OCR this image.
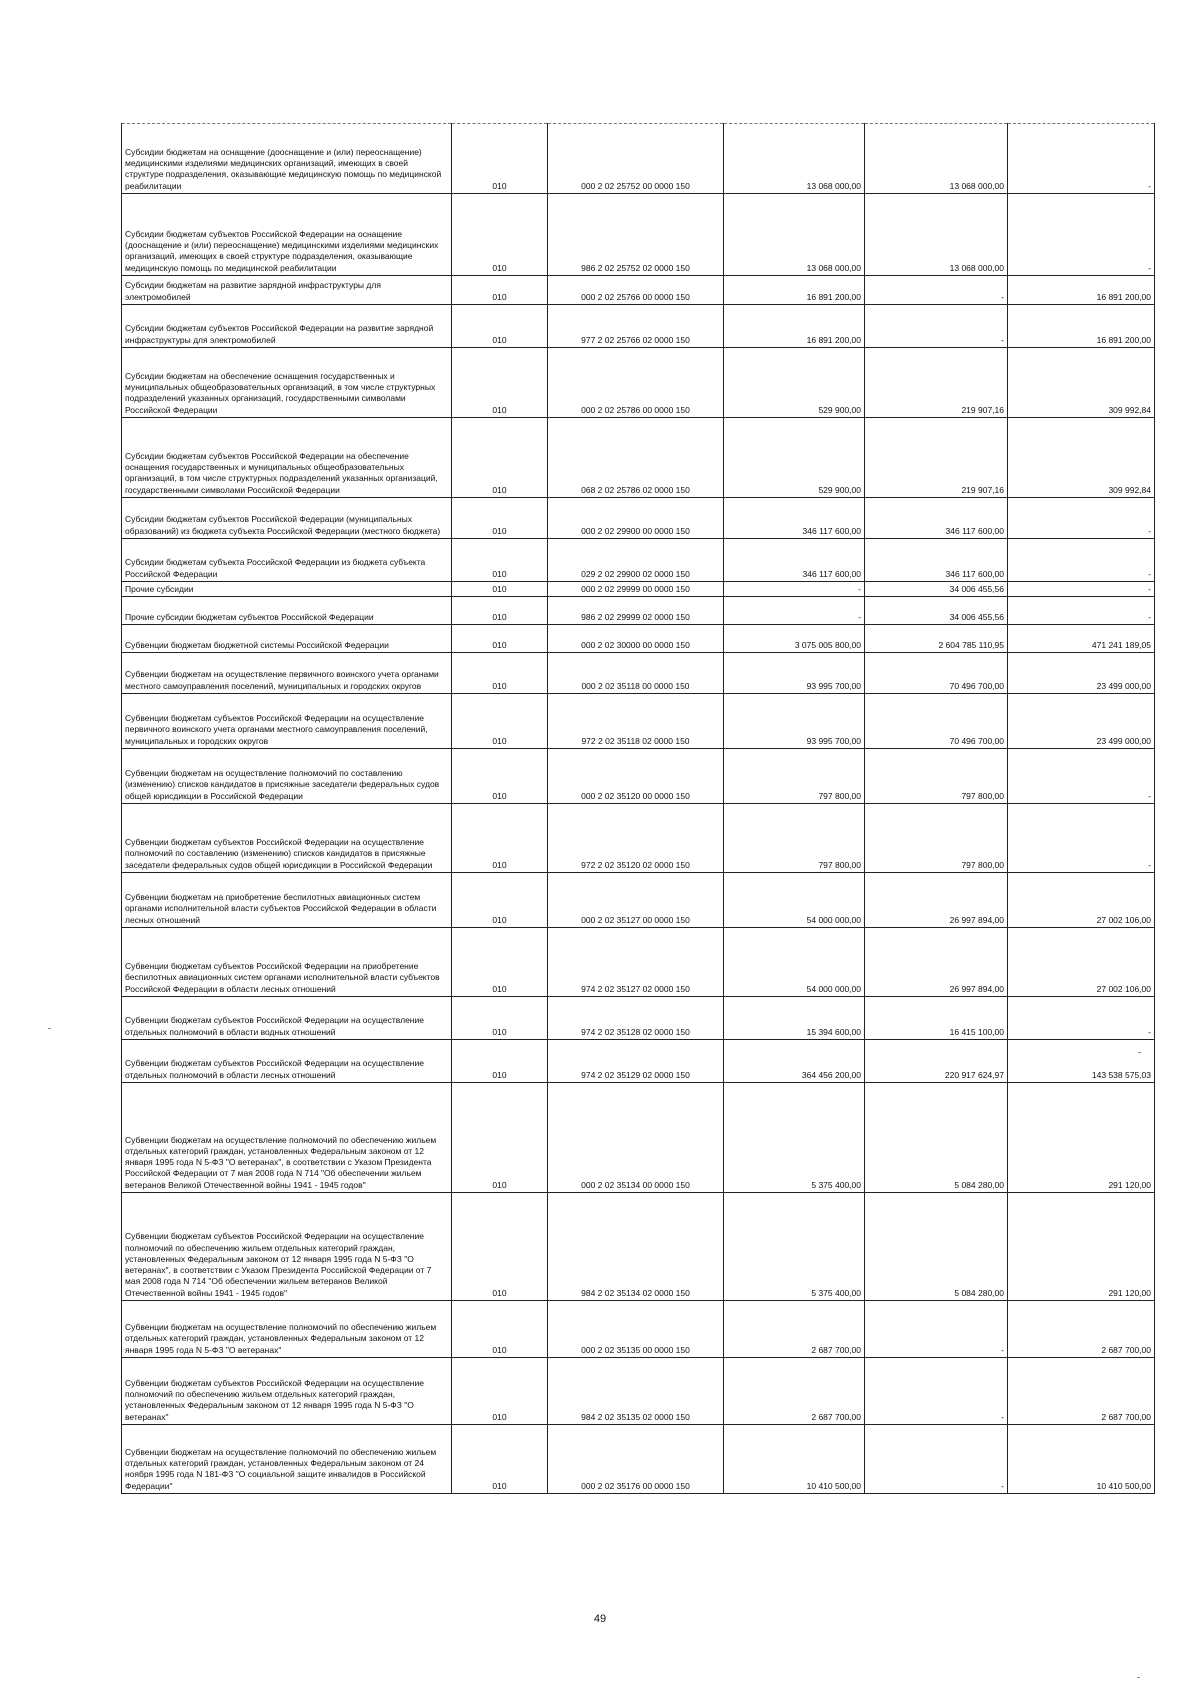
Субсидии бюджетам на оснащение (дооснащение и (или) переоснащение) медицинскими изделиями медицинских организаций, имеющих в своей структуре подразделения, оказывающие медицинскую помощь по медицинской реабилитации	010	000 2 02 25752 00 0000 150	13 068 000,00	13 068 000,00	-
Субсидии бюджетам субъектов Российской Федерации на оснащение (дооснащение и (или) переоснащение) медицинскими изделиями медицинских организаций, имеющих в своей структуре подразделения, оказывающие медицинскую помощь по медицинской реабилитации	010	986 2 02 25752 02 0000 150	13 068 000,00	13 068 000,00	-
Субсидии бюджетам на развитие зарядной инфраструктуры для электромобилей	010	000 2 02 25766 00 0000 150	16 891 200,00	-	16 891 200,00
Субсидии бюджетам субъектов Российской Федерации на развитие зарядной инфраструктуры для электромобилей	010	977 2 02 25766 02 0000 150	16 891 200,00	-	16 891 200,00
Субсидии бюджетам на обеспечение оснащения государственных и муниципальных общеобразовательных организаций, в том числе структурных подразделений указанных организаций, государственными символами Российской Федерации	010	000 2 02 25786 00 0000 150	529 900,00	219 907,16	309 992,84
Субсидии бюджетам субъектов Российской Федерации на обеспечение оснащения государственных и муниципальных общеобразовательных организаций, в том числе структурных подразделений указанных организаций, государственными символами Российской Федерации	010	068 2 02 25786 02 0000 150	529 900,00	219 907,16	309 992,84
Субсидии бюджетам субъектов Российской Федерации (муниципальных образований) из бюджета субъекта Российской Федерации (местного бюджета)	010	000 2 02 29900 00 0000 150	346 117 600,00	346 117 600,00	-
Субсидии бюджетам субъекта Российской Федерации из бюджета субъекта Российской Федерации	010	029 2 02 29900 02 0000 150	346 117 600,00	346 117 600,00	-
Прочие субсидии	010	000 2 02 29999 00 0000 150	-	34 006 455,56	-
Прочие субсидии бюджетам субъектов Российской Федерации	010	986 2 02 29999 02 0000 150	-	34 006 455,56	-
Субвенции бюджетам бюджетной системы Российской Федерации	010	000 2 02 30000 00 0000 150	3 075 005 800,00	2 604 785 110,95	471 241 189,05
Субвенции бюджетам на осуществление первичного воинского учета органами местного самоуправления поселений, муниципальных и городских округов	010	000 2 02 35118 00 0000 150	93 995 700,00	70 496 700,00	23 499 000,00
Субвенции бюджетам субъектов Российской Федерации на осуществление первичного воинского учета органами местного самоуправления поселений, муниципальных и городских округов	010	972 2 02 35118 02 0000 150	93 995 700,00	70 496 700,00	23 499 000,00
Субвенции бюджетам на осуществление полномочий по составлению (изменению) списков кандидатов в присяжные заседатели федеральных судов общей юрисдикции в Российской Федерации	010	000 2 02 35120 00 0000 150	797 800,00	797 800,00	-
Субвенции бюджетам субъектов Российской Федерации на осуществление полномочий по составлению (изменению) списков кандидатов в присяжные заседатели федеральных судов общей юрисдикции в Российской Федерации	010	972 2 02 35120 02 0000 150	797 800,00	797 800,00	-
Субвенции бюджетам на приобретение беспилотных авиационных систем органами исполнительной власти субъектов Российской Федерации в области лесных отношений	010	000 2 02 35127 00 0000 150	54 000 000,00	26 997 894,00	27 002 106,00
Субвенции бюджетам субъектов Российской Федерации на приобретение беспилотных авиационных систем органами исполнительной власти субъектов Российской Федерации в области лесных отношений	010	974 2 02 35127 02 0000 150	54 000 000,00	26 997 894,00	27 002 106,00
Субвенции бюджетам субъектов Российской Федерации на осуществление отдельных полномочий в области водных отношений	010	974 2 02 35128 02 0000 150	15 394 600,00	16 415 100,00	-
Субвенции бюджетам субъектов Российской Федерации на осуществление отдельных полномочий в области лесных отношений	010	974 2 02 35129 02 0000 150	364 456 200,00	220 917 624,97	143 538 575,03
Субвенции бюджетам на осуществление полномочий по обеспечению жильем отдельных категорий граждан, установленных Федеральным законом от 12 января 1995 года N 5-ФЗ "О ветеранах", в соответствии с Указом Президента Российской Федерации от 7 мая 2008 года N 714 "Об обеспечении жильем ветеранов Великой Отечественной войны 1941 - 1945 годов"	010	000 2 02 35134 00 0000 150	5 375 400,00	5 084 280,00	291 120,00
Субвенции бюджетам субъектов Российской Федерации на осуществление полномочий по обеспечению жильем отдельных категорий граждан, установленных Федеральным законом от 12 января 1995 года N 5-ФЗ "О ветеранах", в соответствии с Указом Президента Российской Федерации от 7 мая 2008 года N 714 "Об обеспечении жильем ветеранов Великой Отечественной войны 1941 - 1945 годов"	010	984 2 02 35134 02 0000 150	5 375 400,00	5 084 280,00	291 120,00
Субвенции бюджетам на осуществление полномочий по обеспечению жильем отдельных категорий граждан, установленных Федеральным законом от 12 января 1995 года N 5-ФЗ "О ветеранах"	010	000 2 02 35135 00 0000 150	2 687 700,00	-	2 687 700,00
Субвенции бюджетам субъектов Российской Федерации на осуществление полномочий по обеспечению жильем отдельных категорий граждан, установленных Федеральным законом от 12 января 1995 года N 5-ФЗ "О ветеранах"	010	984 2 02 35135 02 0000 150	2 687 700,00	-	2 687 700,00
Субвенции бюджетам на осуществление полномочий по обеспечению жильем отдельных категорий граждан, установленных Федеральным законом от 24 ноября 1995 года N 181-ФЗ "О социальной защите инвалидов в Российской Федерации"	010	000 2 02 35176 00 0000 150	10 410 500,00	-	10 410 500,00
49
